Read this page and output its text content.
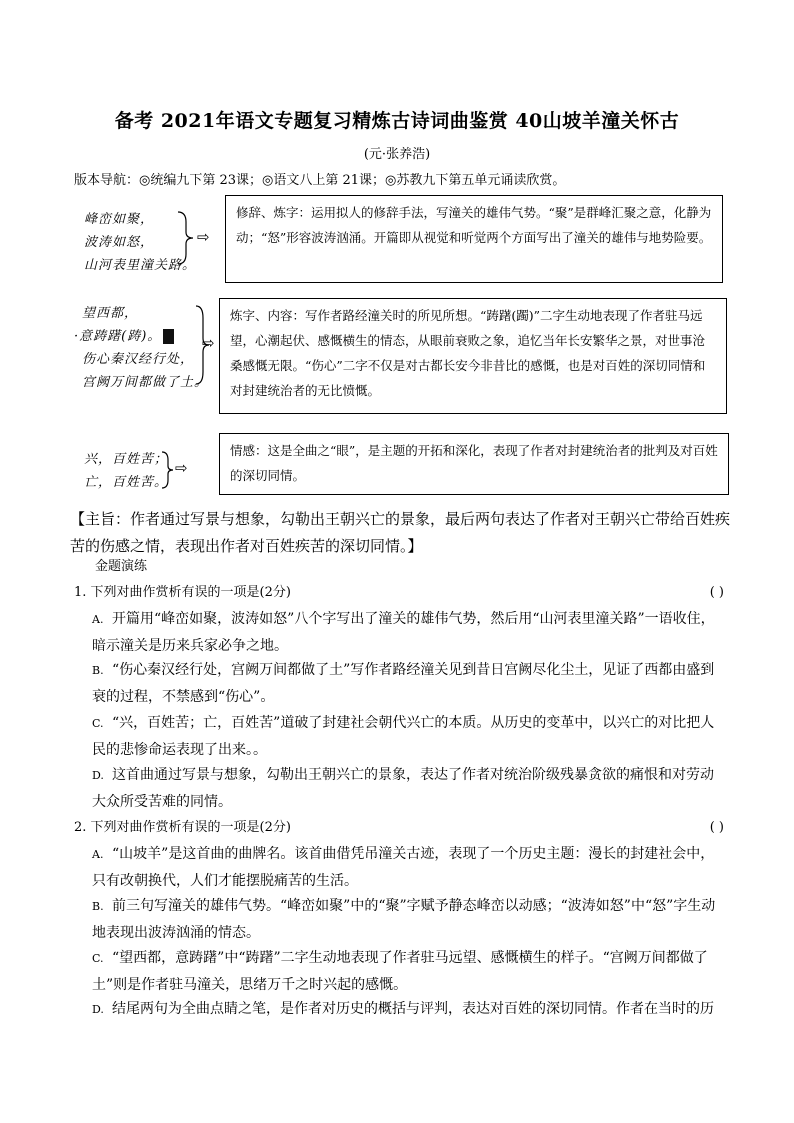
备考 2021年语文专题复习精炼古诗词曲鉴赏 40山坡羊潼关怀古
(元·张养浩)
版本导航：◎统编九下第 23课；◎语文八上第 21课；◎苏教九下第五单元诵读欣赏。
峰峦如聚，
波涛如怒，
山河表里潼关路。
⇨
修辞、炼字：运用拟人的修辞手法，写潼关的雄伟气势。“聚”是群峰汇聚之意，化静为动；“怒”形容波涛汹涌。开篇即从视觉和听觉两个方面写出了潼关的雄伟与地势险要。
望西都，
·意踌躇(踌)。
伤心秦汉经行处，
宫阙万间都做了土。
⇨
炼字、内容：写作者路经潼关时的所见所想。“踌躇(躅)”二字生动地表现了作者驻马远望，心潮起伏、感慨横生的情态，从眼前衰败之象，追忆当年长安繁华之景，对世事沧桑感慨无限。“伤心”二字不仅是对古都长安今非昔比的感慨，也是对百姓的深切同情和对封建统治者的无比愤慨。
兴，百姓苦；
亡，百姓苦。
⇨
情感：这是全曲之“眼”，是主题的开拓和深化，表现了作者对封建统治者的批判及对百姓的深切同情。
【主旨：作者通过写景与想象，勾勒出王朝兴亡的景象，最后两句表达了作者对王朝兴亡带给百姓疾苦的伤感之情，表现出作者对百姓疾苦的深切同情。】
金题演练
1. 下列对曲作赏析有误的一项是(2分)	( )
A. 开篇用“峰峦如聚，波涛如怒”八个字写出了潼关的雄伟气势，然后用“山河表里潼关路”一语收住，暗示潼关是历来兵家必争之地。
B. “伤心秦汉经行处，宫阙万间都做了土”写作者路经潼关见到昔日宫阙尽化尘土，见证了西都由盛到衰的过程，不禁感到“伤心”。
C. “兴，百姓苦；亡，百姓苦”道破了封建社会朝代兴亡的本质。从历史的变革中，以兴亡的对比把人民的悲惨命运表现了出来。。
D. 这首曲通过写景与想象，勾勒出王朝兴亡的景象，表达了作者对统治阶级残暴贪欲的痛恨和对劳动大众所受苦难的同情。
2. 下列对曲作赏析有误的一项是(2分)	( )
A. “山坡羊”是这首曲的曲牌名。该首曲借凭吊潼关古迹，表现了一个历史主题：漫长的封建社会中，只有改朝换代，人们才能摆脱痛苦的生活。
B. 前三句写潼关的雄伟气势。“峰峦如聚”中的“聚”字赋予静态峰峦以动感；“波涛如怒”中“怒”字生动地表现出波涛汹涌的情态。
C. “望西都，意踌躇”中“踌躇”二字生动地表现了作者驻马远望、感慨横生的样子。“宫阙万间都做了土”则是作者驻马潼关，思绪万千之时兴起的感慨。
D. 结尾两句为全曲点睛之笔，是作者对历史的概括与评判，表达对百姓的深切同情。作者在当时的历
